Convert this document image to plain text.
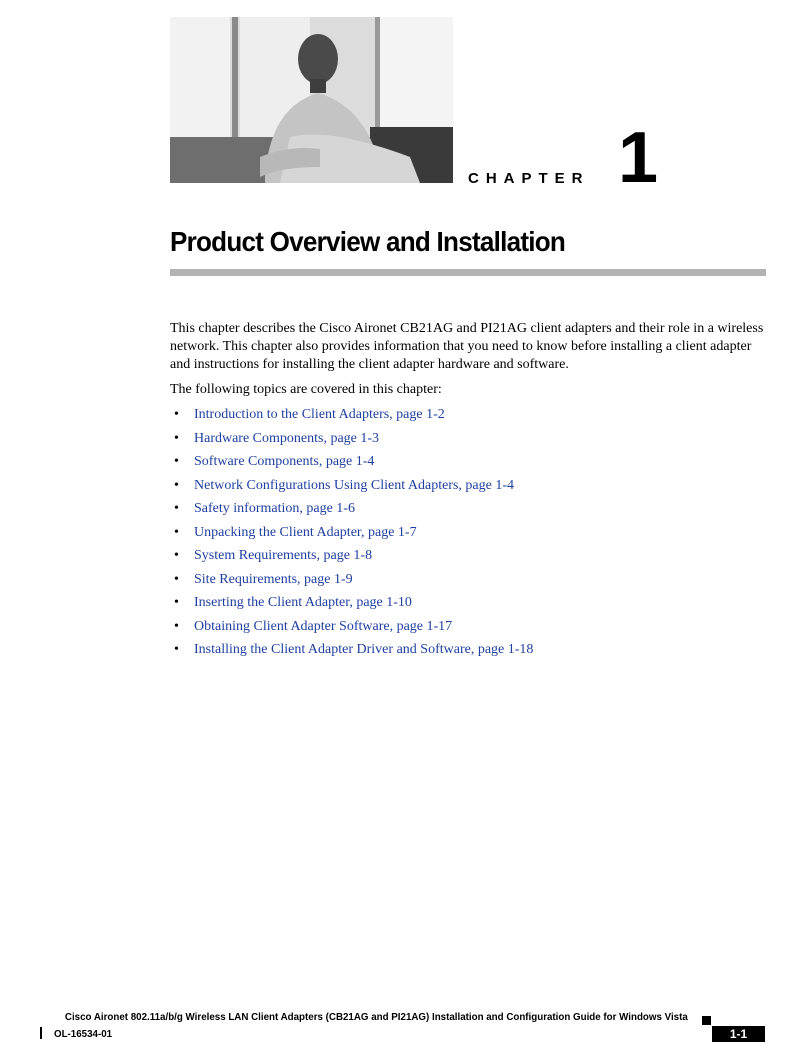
CHAPTER 1
Product Overview and Installation

This chapter describes the Cisco Aironet CB21AG and PI21AG client adapters and their role in a wireless network. This chapter also provides information that you need to know before installing a client adapter and instructions for installing the client adapter hardware and software.

The following topics are covered in this chapter:

• Introduction to the Client Adapters, page 1-2
• Hardware Components, page 1-3
• Software Components, page 1-4
• Network Configurations Using Client Adapters, page 1-4
• Safety information, page 1-6
• Unpacking the Client Adapter, page 1-7
• System Requirements, page 1-8
• Site Requirements, page 1-9
• Inserting the Client Adapter, page 1-10
• Obtaining Client Adapter Software, page 1-17
• Installing the Client Adapter Driver and Software, page 1-18
Cisco Aironet 802.11a/b/g Wireless LAN Client Adapters (CB21AG and PI21AG) Installation and Configuration Guide for Windows Vista
OL-16534-01	1-1
